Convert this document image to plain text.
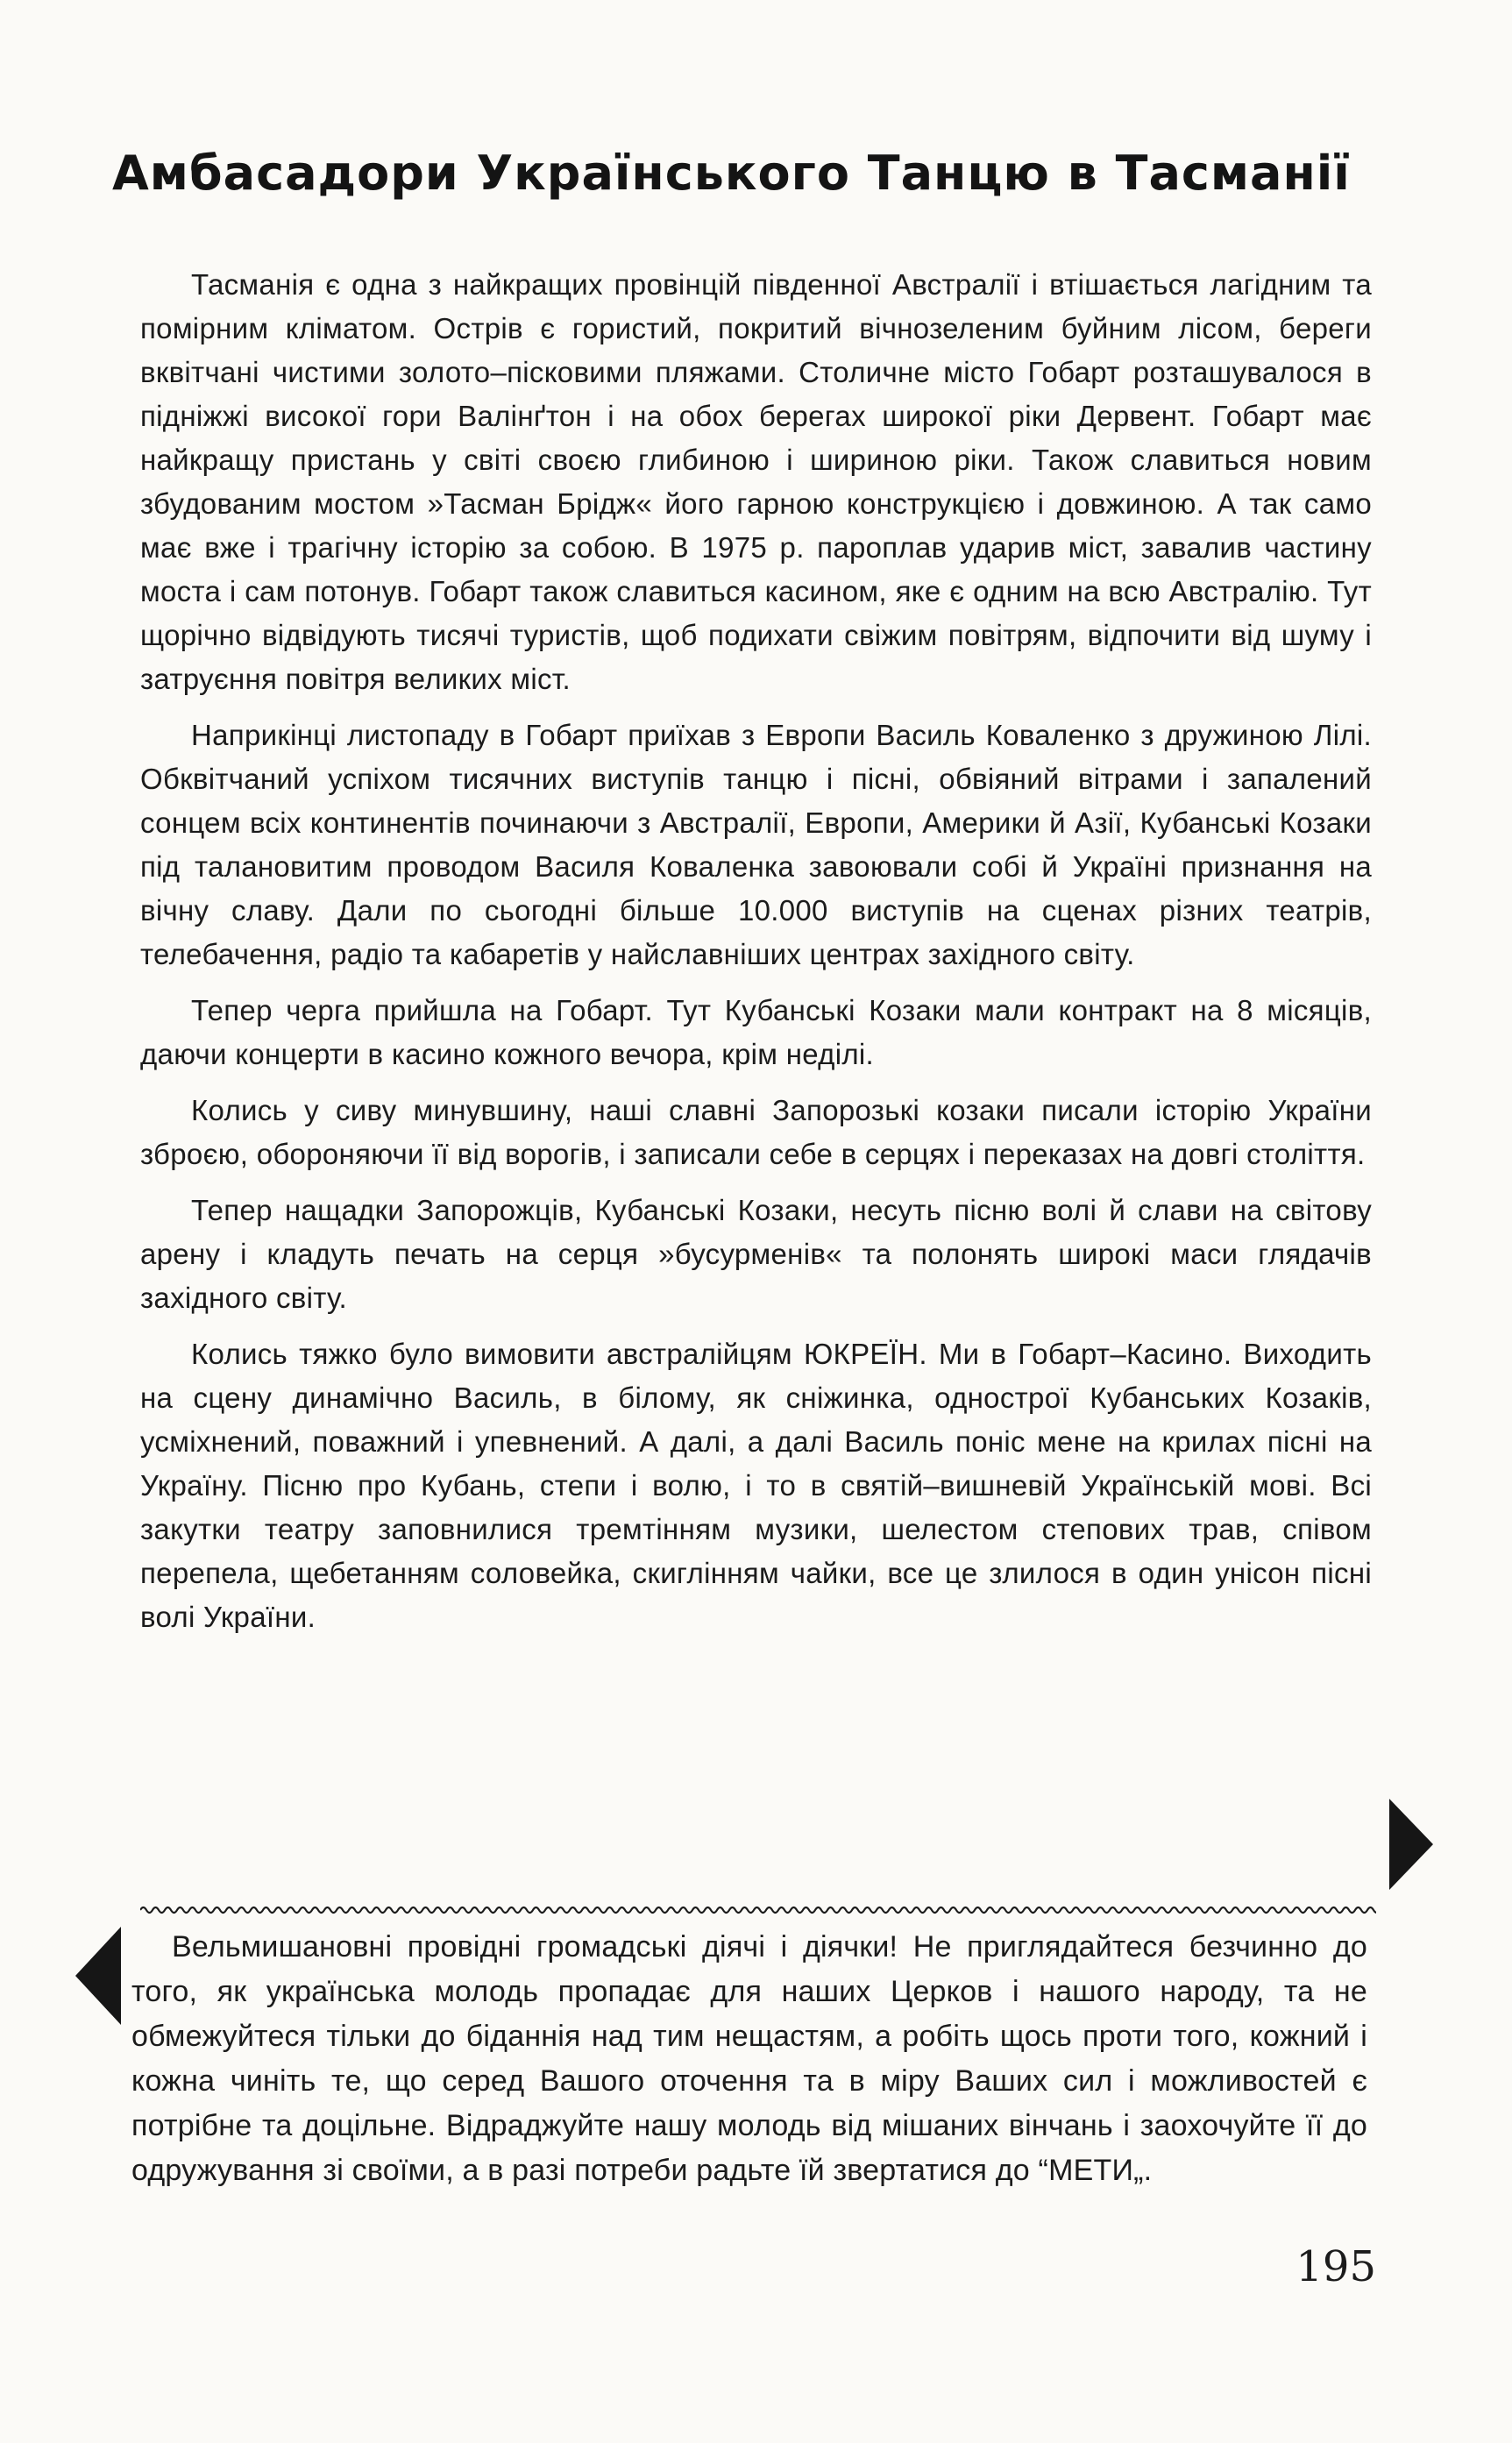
Амбасадори Українського Танцю в Тасманії

Тасманія є одна з найкращих провінцій південної Австралії і втішається лагідним та поміpним кліматом. Острів є гористий, покритий вічнозеленим буйним лісом, береги вквітчані чистими золото–пісковими пляжами. Столичне місто Гобарт розташувалося в підніжжі високої гори Валінґтон і на обох берегах широкої ріки Дервент. Гобарт має найкращу пристань у світі своєю глибиною і шириною ріки. Також славиться новим збудованим мостом »Тасман Брідж« його гарною конструкцією і довжиною. А так само має вже і трагічну історію за собою. В 1975 р. пароплав ударив міст, завалив частину моста і сам потонув. Гобарт також славиться касином, яке є одним на всю Австралію. Тут щорічно відвідують тисячі туристів, щоб подихати свіжим повітрям, відпочити від шуму і затруєння повітря великих міст.

Наприкінці листопаду в Гобарт приїхав з Европи Василь Коваленко з дружиною Лілі. Обквітчаний успіхом тисячних виступів танцю і пісні, обвіяний вітрами і запалений сонцем всіх континентів починаючи з Австралії, Европи, Америки й Азії, Кубанські Козаки під талановитим проводом Василя Коваленка завоювали собі й Україні признання на вічну славу. Дали по сьогодні більше 10.000 виступів на сценах різних театрів, телебачення, радіо та кабаретів у найславніших центрах західного світу.

Тепер черга прийшла на Гобарт. Тут Кубанські Козаки мали контракт на 8 місяців, даючи концерти в касино кожного вечора, крім неділі.

Колись у сиву минувшину, наші славні Запорозькі козаки писали історію України зброєю, обороняючи її від ворогів, і записали себе в серцях і переказах на довгі століття.

Тепер нащадки Запорожців, Кубанські Козаки, несуть пісню волі й слави на світову арену і кладуть печать на серця »бусурменів« та полонять широкі маси глядачів західного світу.

Колись тяжко було вимовити австралійцям ЮКРЕЇН. Ми в Гобарт–Касино. Виходить на сцену динамічно Василь, в білому, як сніжинка, однострої Кубанських Козаків, усміхнений, поважний і упевнений. А далі, а далі Василь поніс мене на крилах пісні на Україну. Пісню про Кубань, степи і волю, і то в святій–вишневій Українській мові. Всі закутки театру заповнилися тремтінням музики, шелестом степових трав, співом перепела, щебетанням соловейка, скиглінням чайки, все це злилося в один унісон пісні волі України.

Вельмишановні провідні громадські діячі і діячки! Не приглядайтеся безчинно до того, як українська молодь пропадає для наших Церков і нашого народу, та не обмежуйтеся тільки до біданнія над тим нещастям, а робіть щось проти того, кожний і кожна чиніть те, що серед Вашого оточення та в міру Ваших сил і можливостей є потрібне та доцільне. Відраджуйте нашу молодь від мішаних вінчань і заохочуйте її до одружування зі своїми, а в разі потреби радьте їй звертатися до “МЕТИ„.

195
